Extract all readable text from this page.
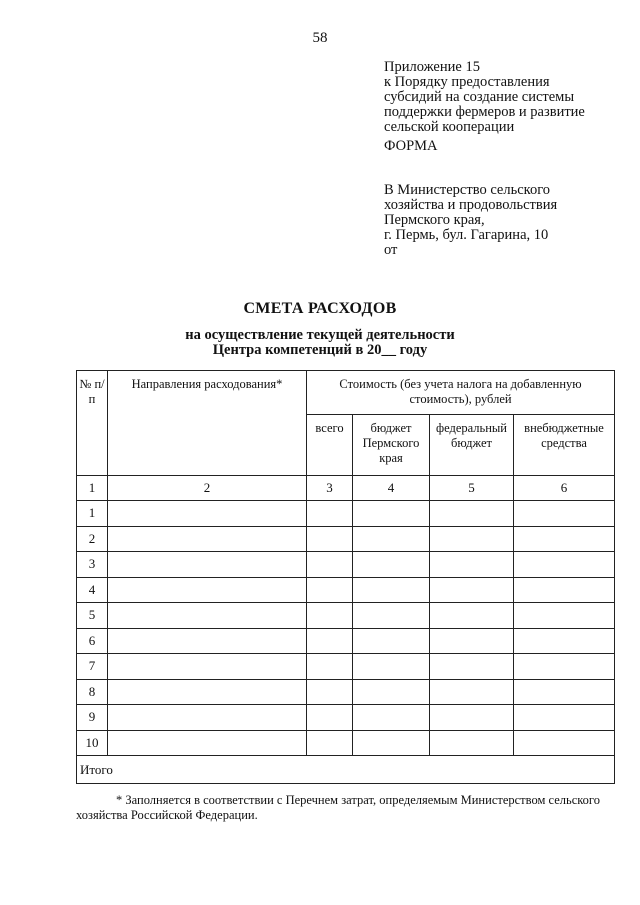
58
Приложение 15
к Порядку предоставления
субсидий на создание системы
поддержки фермеров и развитие
сельской кооперации
ФОРМА
В Министерство сельского
хозяйства и продовольствия
Пермского края,
г. Пермь, бул. Гагарина, 10
от
СМЕТА РАСХОДОВ
на осуществление текущей деятельности
Центра компетенций в 20__ году
№ п/п	Направления расходования*	Стоимость (без учета налога на добавленную стоимость), рублей			
		всего	бюджет Пермского края	федеральный бюджет	внебюджетные средства
1	2	3	4	5	6
1					
2					
3					
4					
5					
6					
7					
8					
9					
10					
Итого					
* Заполняется в соответствии с Перечнем затрат, определяемым Министерством сельского хозяйства Российской Федерации.
